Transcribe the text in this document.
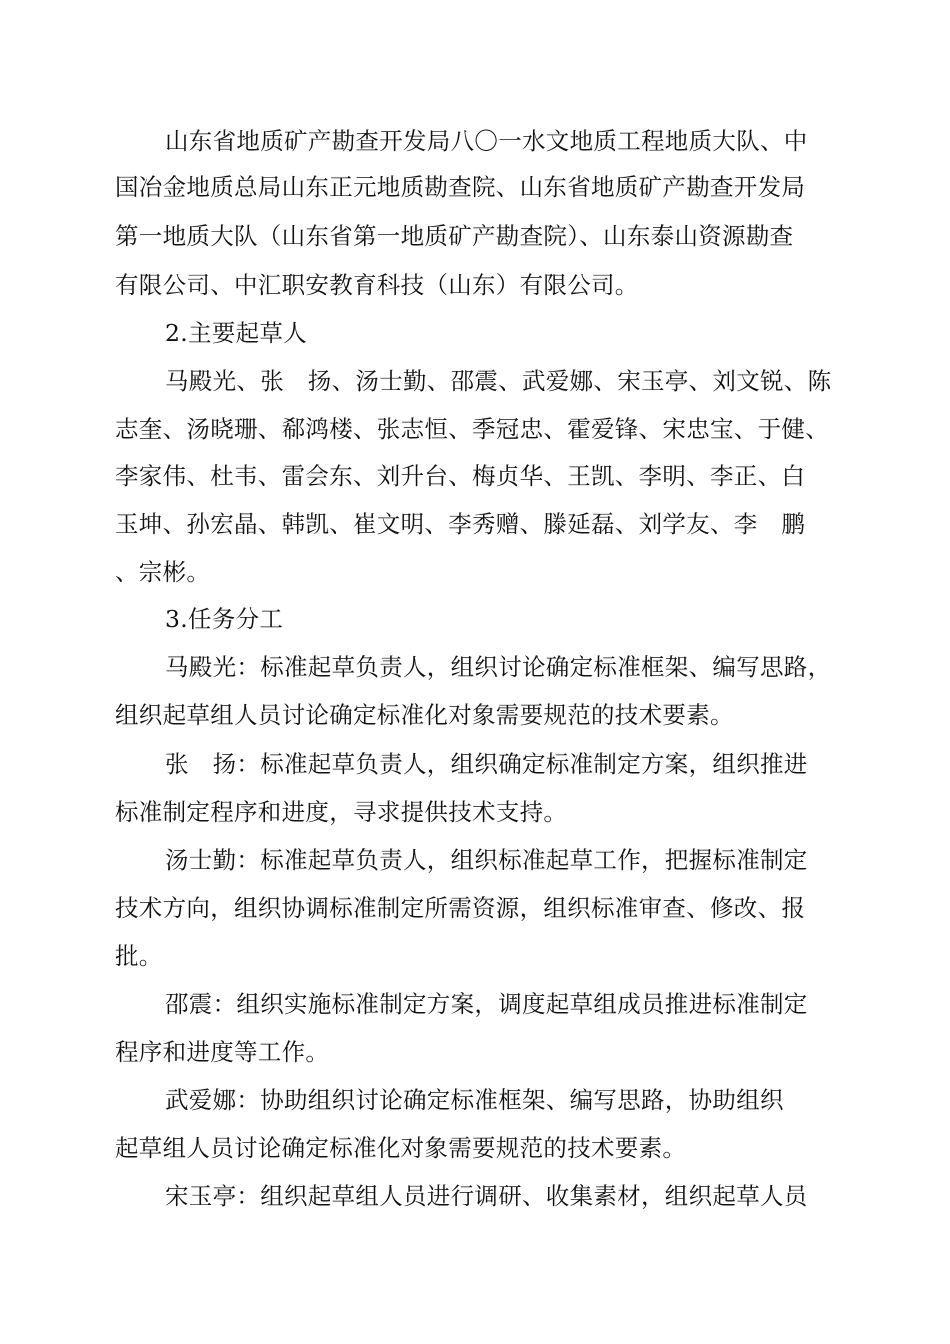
山东省地质矿产勘查开发局八〇一水文地质工程地质大队、中
国冶金地质总局山东正元地质勘查院、山东省地质矿产勘查开发局
第一地质大队（山东省第一地质矿产勘查院）、山东泰山资源勘查
有限公司、中汇职安教育科技（山东）有限公司。
2.主要起草人
马殿光、张　扬、汤士勤、邵震、武爱娜、宋玉亭、刘文锐、陈
志奎、汤晓珊、郗鸿楼、张志恒、季冠忠、霍爱锋、宋忠宝、于健、
李家伟、杜韦、雷会东、刘升台、梅贞华、王凯、李明、李正、白
玉坤、孙宏晶、韩凯、崔文明、李秀赠、滕延磊、刘学友、李　鹏
、宗彬。
3.任务分工
马殿光：标准起草负责人，组织讨论确定标准框架、编写思路，
组织起草组人员讨论确定标准化对象需要规范的技术要素。
张　扬：标准起草负责人，组织确定标准制定方案，组织推进
标准制定程序和进度，寻求提供技术支持。
汤士勤：标准起草负责人，组织标准起草工作，把握标准制定
技术方向，组织协调标准制定所需资源，组织标准审查、修改、报
批。
邵震：组织实施标准制定方案，调度起草组成员推进标准制定
程序和进度等工作。
武爱娜：协助组织讨论确定标准框架、编写思路，协助组织
起草组人员讨论确定标准化对象需要规范的技术要素。
宋玉亭：组织起草组人员进行调研、收集素材，组织起草人员
